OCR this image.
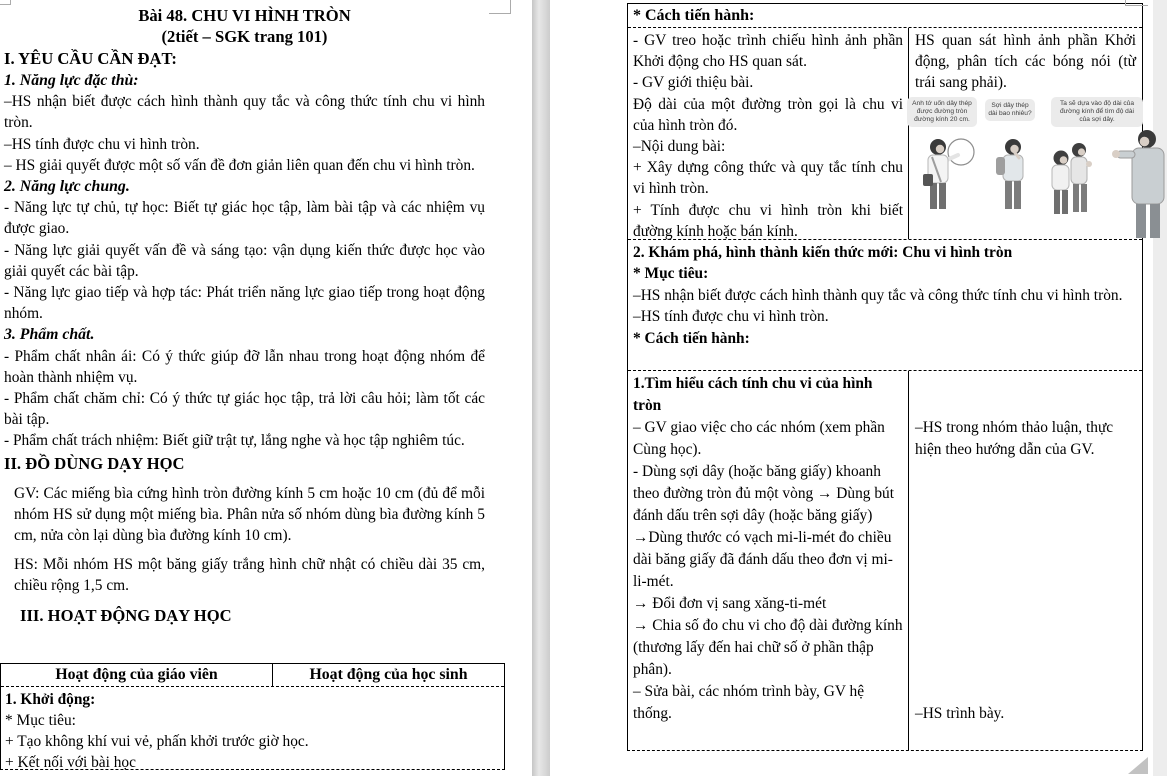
Bài 48. CHU VI HÌNH TRÒN
(2tiết – SGK trang 101)

I. YÊU CẦU CẦN ĐẠT:

1. Năng lực đặc thù:

–HS nhận biết được cách hình thành quy tắc và công thức tính chu vi hình tròn.

–HS tính được chu vi hình tròn.

– HS giải quyết được một số vấn đề đơn giản liên quan đến chu vi hình tròn.

2. Năng lực chung.

- Năng lực tự chủ, tự học: Biết tự giác học tập, làm bài tập và các nhiệm vụ được giao.

- Năng lực giải quyết vấn đề và sáng tạo: vận dụng kiến thức được học vào giải quyết các bài tập.

- Năng lực giao tiếp và hợp tác: Phát triển năng lực giao tiếp trong hoạt động nhóm.

3. Phẩm chất.

- Phẩm chất nhân ái: Có ý thức giúp đỡ lẫn nhau trong hoạt động nhóm để hoàn thành nhiệm vụ.

- Phẩm chất chăm chỉ: Có ý thức tự giác học tập, trả lời câu hỏi; làm tốt các bài tập.

- Phẩm chất trách nhiệm: Biết giữ trật tự, lắng nghe và học tập nghiêm túc.

II. ĐỒ DÙNG DẠY HỌC

GV: Các miếng bìa cứng hình tròn đường kính 5 cm hoặc 10 cm (đủ để mỗi nhóm HS sử dụng một miếng bìa. Phân nửa số nhóm dùng bìa đường kính 5 cm, nửa còn lại dùng bìa đường kính 10 cm).

HS: Mỗi nhóm HS một băng giấy trắng hình chữ nhật có chiều dài 35 cm, chiều rộng 1,5 cm.

III. HOẠT ĐỘNG DẠY HỌC

Hoạt động của giáo viên	Hoạt động của học sinh

1. Khởi động:

* Mục tiêu:

+ Tạo không khí vui vẻ, phấn khởi trước giờ học.

+ Kết nối với bài học

* Cách tiến hành:

- GV treo hoặc trình chiếu hình ảnh phần Khởi động cho HS quan sát.

- GV giới thiệu bài.

Độ dài của một đường tròn gọi là chu vi của hình tròn đó.

–Nội dung bài:

+ Xây dựng công thức và quy tắc tính chu vi hình tròn.

+ Tính được chu vi hình tròn khi biết đường kính hoặc bán kính.

HS quan sát hình ảnh phần Khởi động, phân tích các bóng nói (từ trái sang phải).

Anh tớ uốn dây thép được đường tròn đường kính 20 cm.
Sợi dây thép dài bao nhiêu?
Ta sẽ dựa vào độ dài của đường kính để tìm độ dài của sợi dây.

2. Khám phá, hình thành kiến thức mới: Chu vi hình tròn

* Mục tiêu:

–HS nhận biết được cách hình thành quy tắc và công thức tính chu vi hình tròn.

–HS tính được chu vi hình tròn.

* Cách tiến hành:

1.Tìm hiểu cách tính chu vi của hình tròn

– GV giao việc cho các nhóm (xem phần Cùng học).

- Dùng sợi dây (hoặc băng giấy) khoanh theo đường tròn đủ một vòng → Dùng bút đánh dấu trên sợi dây (hoặc băng giấy)

→Dùng thước có vạch mi-li-mét đo chiều dài băng giấy đã đánh dấu theo đơn vị mi-li-mét.

→ Đổi đơn vị sang xăng-ti-mét

→ Chia số đo chu vi cho độ dài đường kính (thương lấy đến hai chữ số ở phần thập phân).

– Sửa bài, các nhóm trình bày, GV hệ thống.

–HS trong nhóm thảo luận, thực hiện theo hướng dẫn của GV.

–HS trình bày.
